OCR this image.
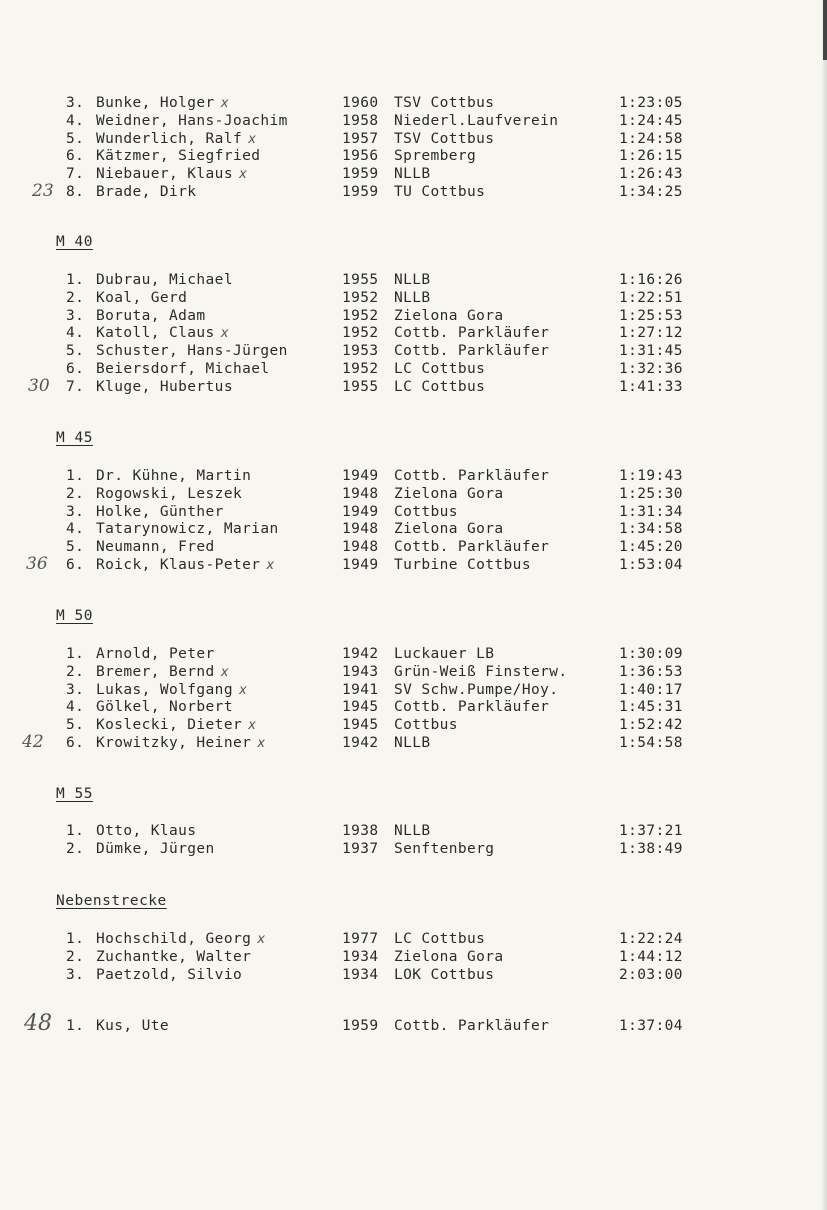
3. Bunke, Holger x	1960 TSV Cottbus	1:23:05
4. Weidner, Hans-Joachim	1958 Niederl.Laufverein	1:24:45
5. Wunderlich, Ralf x	1957 TSV Cottbus	1:24:58
6. Kätzmer, Siegfried	1956 Spremberg	1:26:15
7. Niebauer, Klaus x	1959 NLLB	1:26:43
8. Brade, Dirk	1959 TU Cottbus	1:34:25
23
M 40
1. Dubrau, Michael	1955 NLLB	1:16:26
2. Koal, Gerd	1952 NLLB	1:22:51
3. Boruta, Adam	1952 Zielona Gora	1:25:53
4. Katoll, Claus x	1952 Cottb. Parkläufer	1:27:12
5. Schuster, Hans-Jürgen	1953 Cottb. Parkläufer	1:31:45
6. Beiersdorf, Michael	1952 LC Cottbus	1:32:36
7. Kluge, Hubertus	1955 LC Cottbus	1:41:33
30
M 45
1. Dr. Kühne, Martin	1949 Cottb. Parkläufer	1:19:43
2. Rogowski, Leszek	1948 Zielona Gora	1:25:30
3. Holke, Günther	1949 Cottbus	1:31:34
4. Tatarynowicz, Marian	1948 Zielona Gora	1:34:58
5. Neumann, Fred	1948 Cottb. Parkläufer	1:45:20
6. Roick, Klaus-Peter x	1949 Turbine Cottbus	1:53:04
36
M 50
1. Arnold, Peter	1942 Luckauer LB	1:30:09
2. Bremer, Bernd x	1943 Grün-Weiß Finsterw.	1:36:53
3. Lukas, Wolfgang x	1941 SV Schw.Pumpe/Hoy.	1:40:17
4. Gölkel, Norbert	1945 Cottb. Parkläufer	1:45:31
5. Koslecki, Dieter x	1945 Cottbus	1:52:42
6. Krowitzky, Heiner x	1942 NLLB	1:54:58
42
M 55
1. Otto, Klaus	1938 NLLB	1:37:21
2. Dümke, Jürgen	1937 Senftenberg	1:38:49
Nebenstrecke
1. Hochschild, Georg x	1977 LC Cottbus	1:22:24
2. Zuchantke, Walter	1934 Zielona Gora	1:44:12
3. Paetzold, Silvio	1934 LOK Cottbus	2:03:00
1. Kus, Ute	1959 Cottb. Parkläufer	1:37:04
48
